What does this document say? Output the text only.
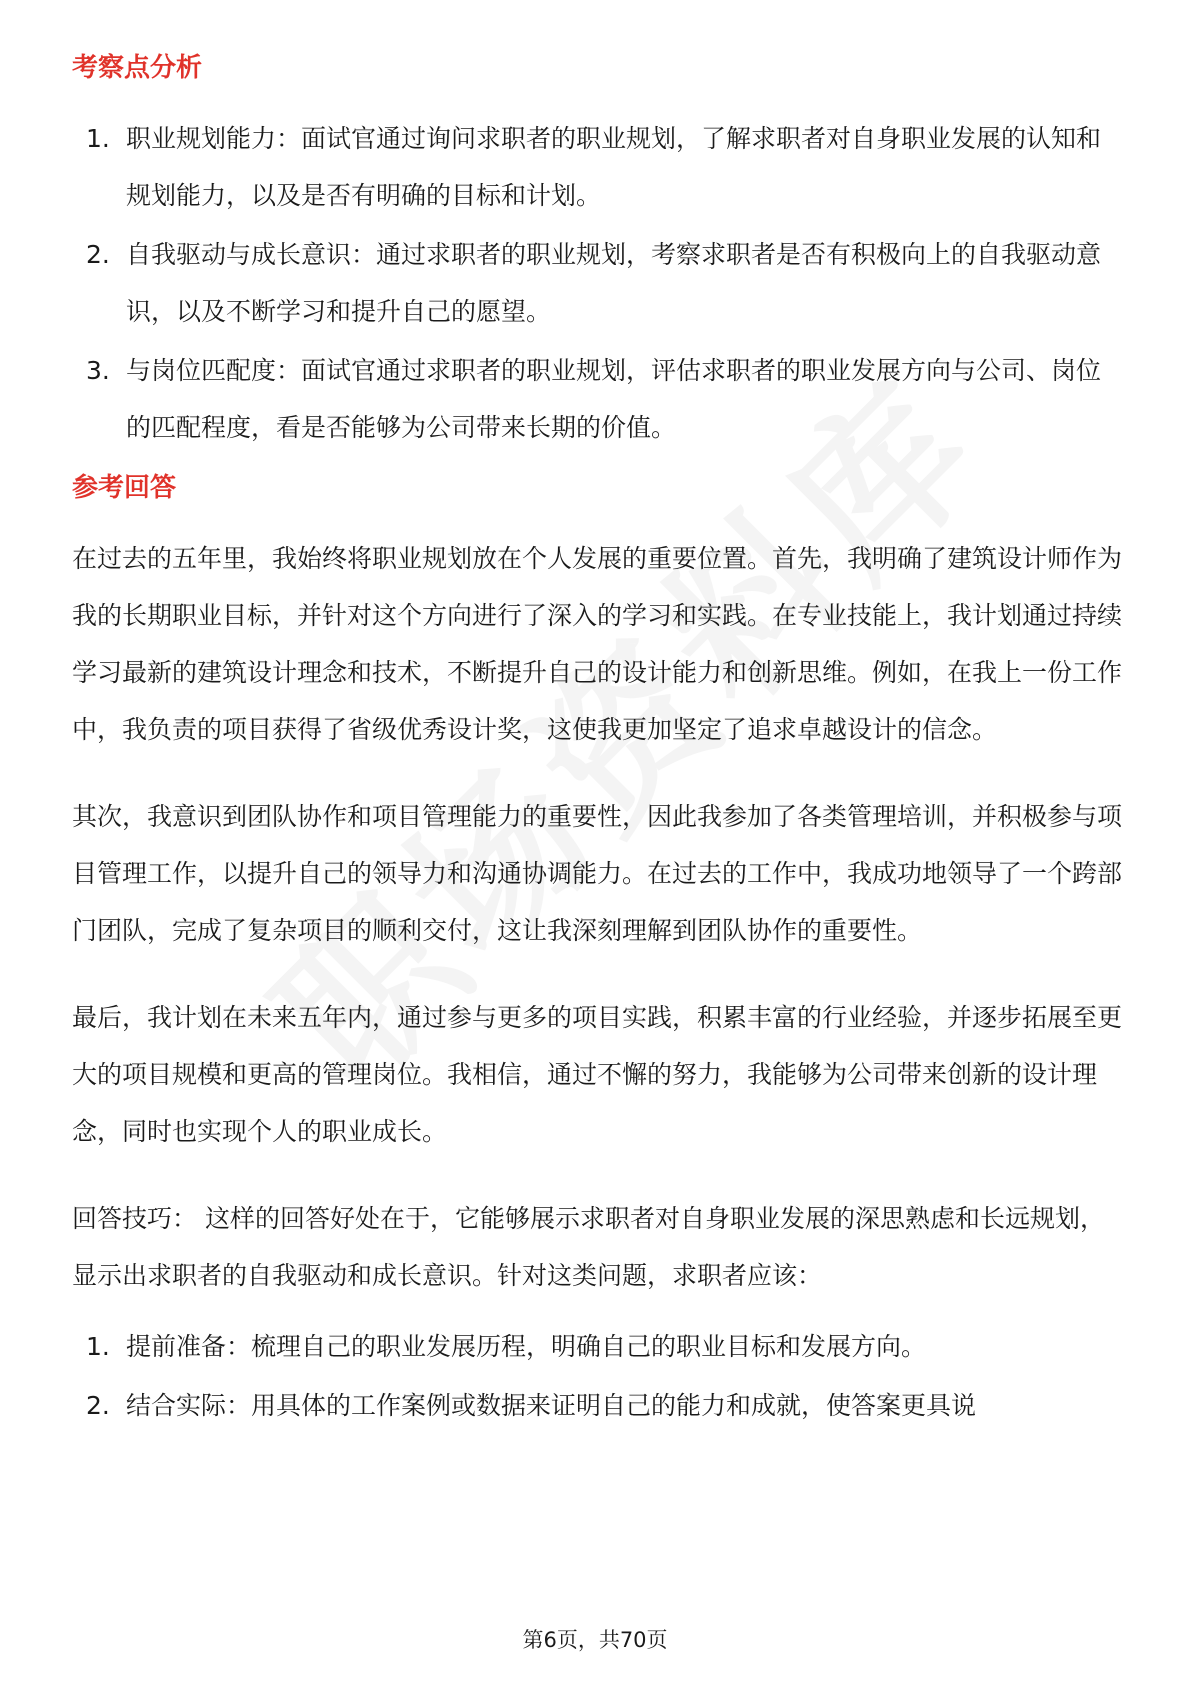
考察点分析
1. 职业规划能力：面试官通过询问求职者的职业规划，了解求职者对自身职业发展的认知和规划能力，以及是否有明确的目标和计划。
2. 自我驱动与成长意识：通过求职者的职业规划，考察求职者是否有积极向上的自我驱动意识，以及不断学习和提升自己的愿望。
3. 与岗位匹配度：面试官通过求职者的职业规划，评估求职者的职业发展方向与公司、岗位的匹配程度，看是否能够为公司带来长期的价值。
参考回答

在过去的五年里，我始终将职业规划放在个人发展的重要位置。首先，我明确了建筑设计师作为我的长期职业目标，并针对这个方向进行了深入的学习和实践。在专业技能上，我计划通过持续学习最新的建筑设计理念和技术，不断提升自己的设计能力和创新思维。例如，在我上一份工作中，我负责的项目获得了省级优秀设计奖，这使我更加坚定了追求卓越设计的信念。

其次，我意识到团队协作和项目管理能力的重要性，因此我参加了各类管理培训，并积极参与项目管理工作，以提升自己的领导力和沟通协调能力。在过去的工作中，我成功地领导了一个跨部门团队，完成了复杂项目的顺利交付，这让我深刻理解到团队协作的重要性。

最后，我计划在未来五年内，通过参与更多的项目实践，积累丰富的行业经验，并逐步拓展至更大的项目规模和更高的管理岗位。我相信，通过不懈的努力，我能够为公司带来创新的设计理念，同时也实现个人的职业成长。

回答技巧： 这样的回答好处在于，它能够展示求职者对自身职业发展的深思熟虑和长远规划，显示出求职者的自我驱动和成长意识。针对这类问题，求职者应该：

1. 提前准备：梳理自己的职业发展历程，明确自己的职业目标和发展方向。
2. 结合实际：用具体的工作案例或数据来证明自己的能力和成就，使答案更具说
第6页，共70页
